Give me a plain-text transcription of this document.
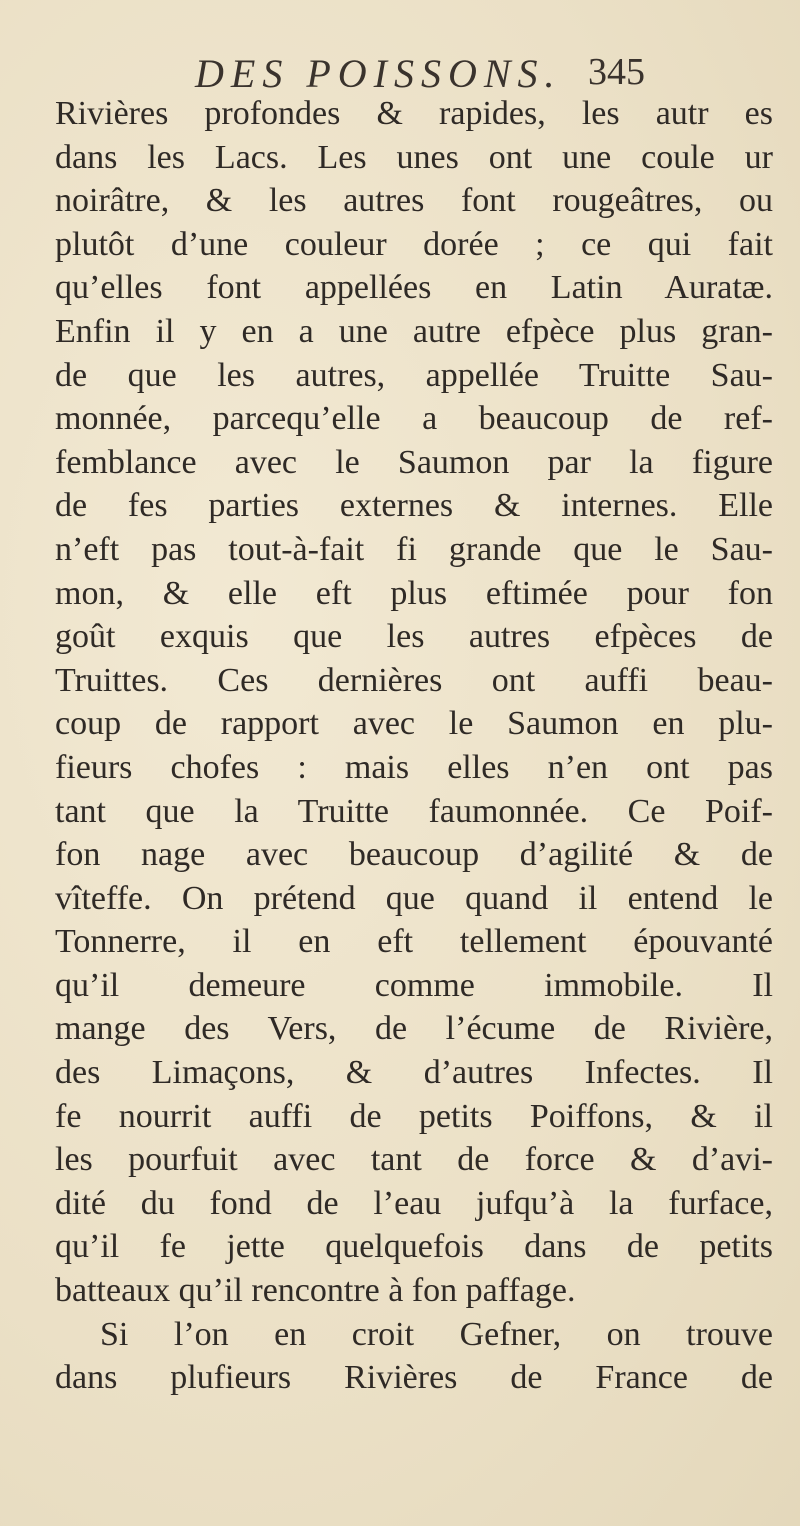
DES POISSONS. 345
Rivières profondes & rapides, les autr es
dans les Lacs. Les unes ont une coule ur
noirâtre, & les autres font rougeâtres, ou
plutôt d’une couleur dorée ; ce qui fait
qu’elles font appellées en Latin Auratæ.
Enfin il y en a une autre efpèce plus gran-
de que les autres, appellée Truitte Sau-
monnée, parcequ’elle a beaucoup de ref-
femblance avec le Saumon par la figure
de fes parties externes & internes. Elle
n’eft pas tout-à-fait fi grande que le Sau-
mon, & elle eft plus eftimée pour fon
goût exquis que les autres efpèces de
Truittes. Ces dernières ont auffi beau-
coup de rapport avec le Saumon en plu-
fieurs chofes : mais elles n’en ont pas
tant que la Truitte faumonnée. Ce Poif-
fon nage avec beaucoup d’agilité & de
vîteffe. On prétend que quand il entend le
Tonnerre, il en eft tellement épouvanté
qu’il demeure comme immobile. Il
mange des Vers, de l’écume de Rivière,
des Limaçons, & d’autres Infectes. Il
fe nourrit auffi de petits Poiffons, & il
les pourfuit avec tant de force & d’avi-
dité du fond de l’eau jufqu’à la furface,
qu’il fe jette quelquefois dans de petits
batteaux qu’il rencontre à fon paffage.
Si l’on en croit Gefner, on trouve
dans plufieurs Rivières de France de
